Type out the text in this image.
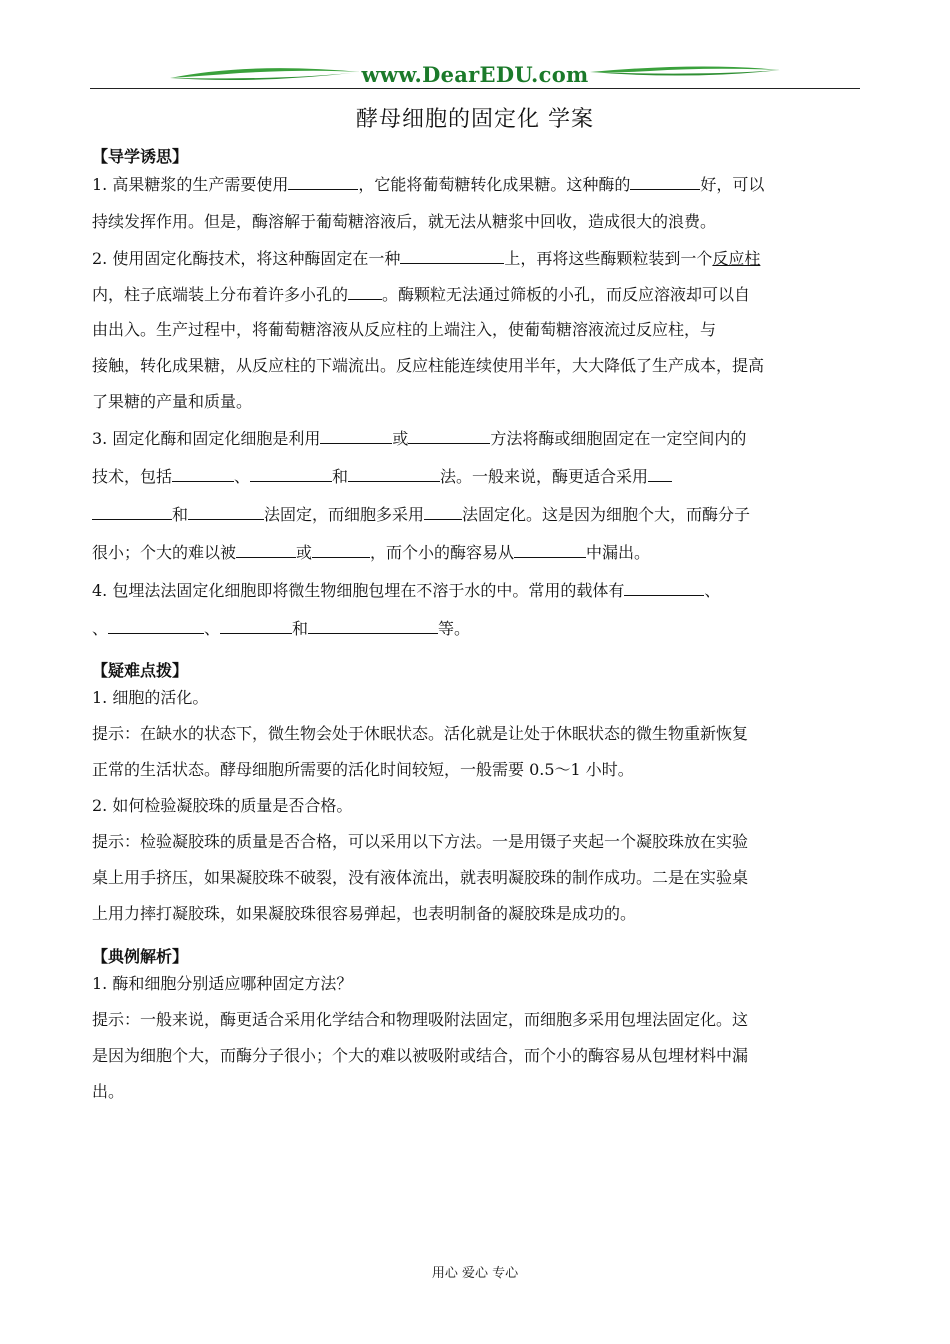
www.DearEDU.com
酵母细胞的固定化 学案
【导学诱思】
1. 高果糖浆的生产需要使用	，它能将葡萄糖转化成果糖。这种酶的	好，可以
持续发挥作用。但是，酶溶解于葡萄糖溶液后，就无法从糖浆中回收，造成很大的浪费。
2. 使用固定化酶技术，将这种酶固定在一种	上，再将这些酶颗粒装到一个反应柱
内，柱子底端装上分布着许多小孔的 。酶颗粒无法通过筛板的小孔，而反应溶液却可以自
由出入。生产过程中，将葡萄糖溶液从反应柱的上端注入，使葡萄糖溶液流过反应柱，与
接触，转化成果糖，从反应柱的下端流出。反应柱能连续使用半年，大大降低了生产成本，提高
了果糖的产量和质量。
3. 固定化酶和固定化细胞是利用	或	方法将酶或细胞固定在一定空间内的
技术，包括	、	和	法。一般来说，酶更适合采用
和	法固定，而细胞多采用 法固定化。这是因为细胞个大，而酶分子
很小；个大的难以被	或	，而个小的酶容易从	中漏出。
4. 包埋法法固定化细胞即将微生物细胞包埋在不溶于水的中。常用的载体有	、
、	、	和	等。
【疑难点拨】
1. 细胞的活化。
提示：在缺水的状态下，微生物会处于休眠状态。活化就是让处于休眠状态的微生物重新恢复
正常的生活状态。酵母细胞所需要的活化时间较短，一般需要 0.5～1 小时。
2. 如何检验凝胶珠的质量是否合格。
提示：检验凝胶珠的质量是否合格，可以采用以下方法。一是用镊子夹起一个凝胶珠放在实验
桌上用手挤压，如果凝胶珠不破裂，没有液体流出，就表明凝胶珠的制作成功。二是在实验桌
上用力摔打凝胶珠，如果凝胶珠很容易弹起，也表明制备的凝胶珠是成功的。
【典例解析】
1. 酶和细胞分别适应哪种固定方法？
提示：一般来说，酶更适合采用化学结合和物理吸附法固定，而细胞多采用包埋法固定化。这
是因为细胞个大，而酶分子很小；个大的难以被吸附或结合，而个小的酶容易从包埋材料中漏
出。
用心 爱心 专心
